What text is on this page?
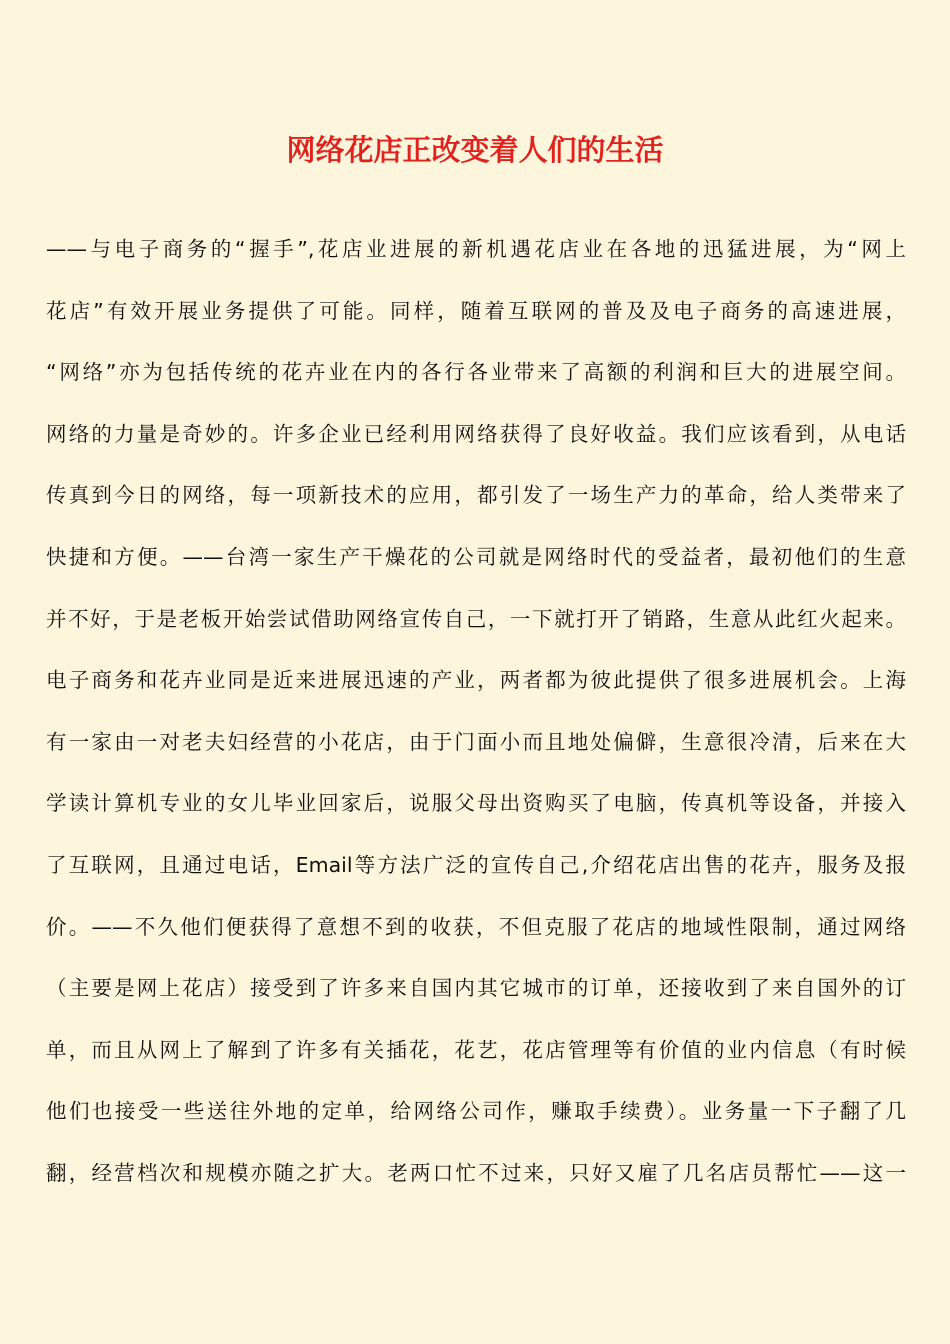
网络花店正改变着人们的生活
——与电子商务的“握手”,花店业进展的新机遇花店业在各地的迅猛进展，为“网上
花店”有效开展业务提供了可能。同样，随着互联网的普及及电子商务的高速进展，
“网络”亦为包括传统的花卉业在内的各行各业带来了高额的利润和巨大的进展空间。
网络的力量是奇妙的。许多企业已经利用网络获得了良好收益。我们应该看到，从电话
传真到今日的网络，每一项新技术的应用，都引发了一场生产力的革命，给人类带来了
快捷和方便。——台湾一家生产干燥花的公司就是网络时代的受益者，最初他们的生意
并不好，于是老板开始尝试借助网络宣传自己，一下就打开了销路，生意从此红火起来。
电子商务和花卉业同是近来进展迅速的产业，两者都为彼此提供了很多进展机会。上海
有一家由一对老夫妇经营的小花店，由于门面小而且地处偏僻，生意很冷清，后来在大
学读计算机专业的女儿毕业回家后，说服父母出资购买了电脑，传真机等设备，并接入
了互联网，且通过电话，Email等方法广泛的宣传自己,介绍花店出售的花卉，服务及报
价。——不久他们便获得了意想不到的收获，不但克服了花店的地域性限制，通过网络
（主要是网上花店）接受到了许多来自国内其它城市的订单，还接收到了来自国外的订
单，而且从网上了解到了许多有关插花，花艺，花店管理等有价值的业内信息（有时候
他们也接受一些送往外地的定单，给网络公司作，赚取手续费）。业务量一下子翻了几
翻，经营档次和规模亦随之扩大。老两口忙不过来，只好又雇了几名店员帮忙——这一
